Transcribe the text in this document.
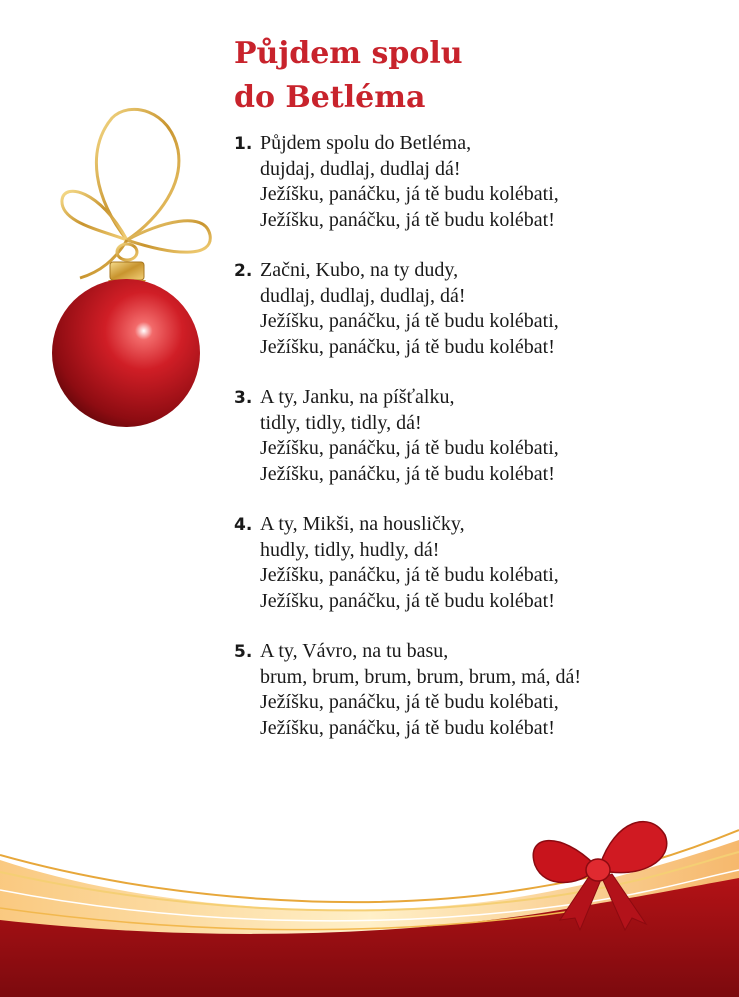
Půjdem spolu
do Betléma
1. Půjdem spolu do Betléma,
dujdaj, dudlaj, dudlaj dá!
Ježíšku, panáčku, já tě budu kolébati,
Ježíšku, panáčku, já tě budu kolébat!
2. Začni, Kubo, na ty dudy,
dudlaj, dudlaj, dudlaj, dá!
Ježíšku, panáčku, já tě budu kolébati,
Ježíšku, panáčku, já tě budu kolébat!
3. A ty, Janku, na píšťalku,
tidly, tidly, tidly, dá!
Ježíšku, panáčku, já tě budu kolébati,
Ježíšku, panáčku, já tě budu kolébat!
4. A ty, Mikši, na housličky,
hudly, tidly, hudly, dá!
Ježíšku, panáčku, já tě budu kolébati,
Ježíšku, panáčku, já tě budu kolébat!
5. A ty, Vávro, na tu basu,
brum, brum, brum, brum, brum, má, dá!
Ježíšku, panáčku, já tě budu kolébati,
Ježíšku, panáčku, já tě budu kolébat!
